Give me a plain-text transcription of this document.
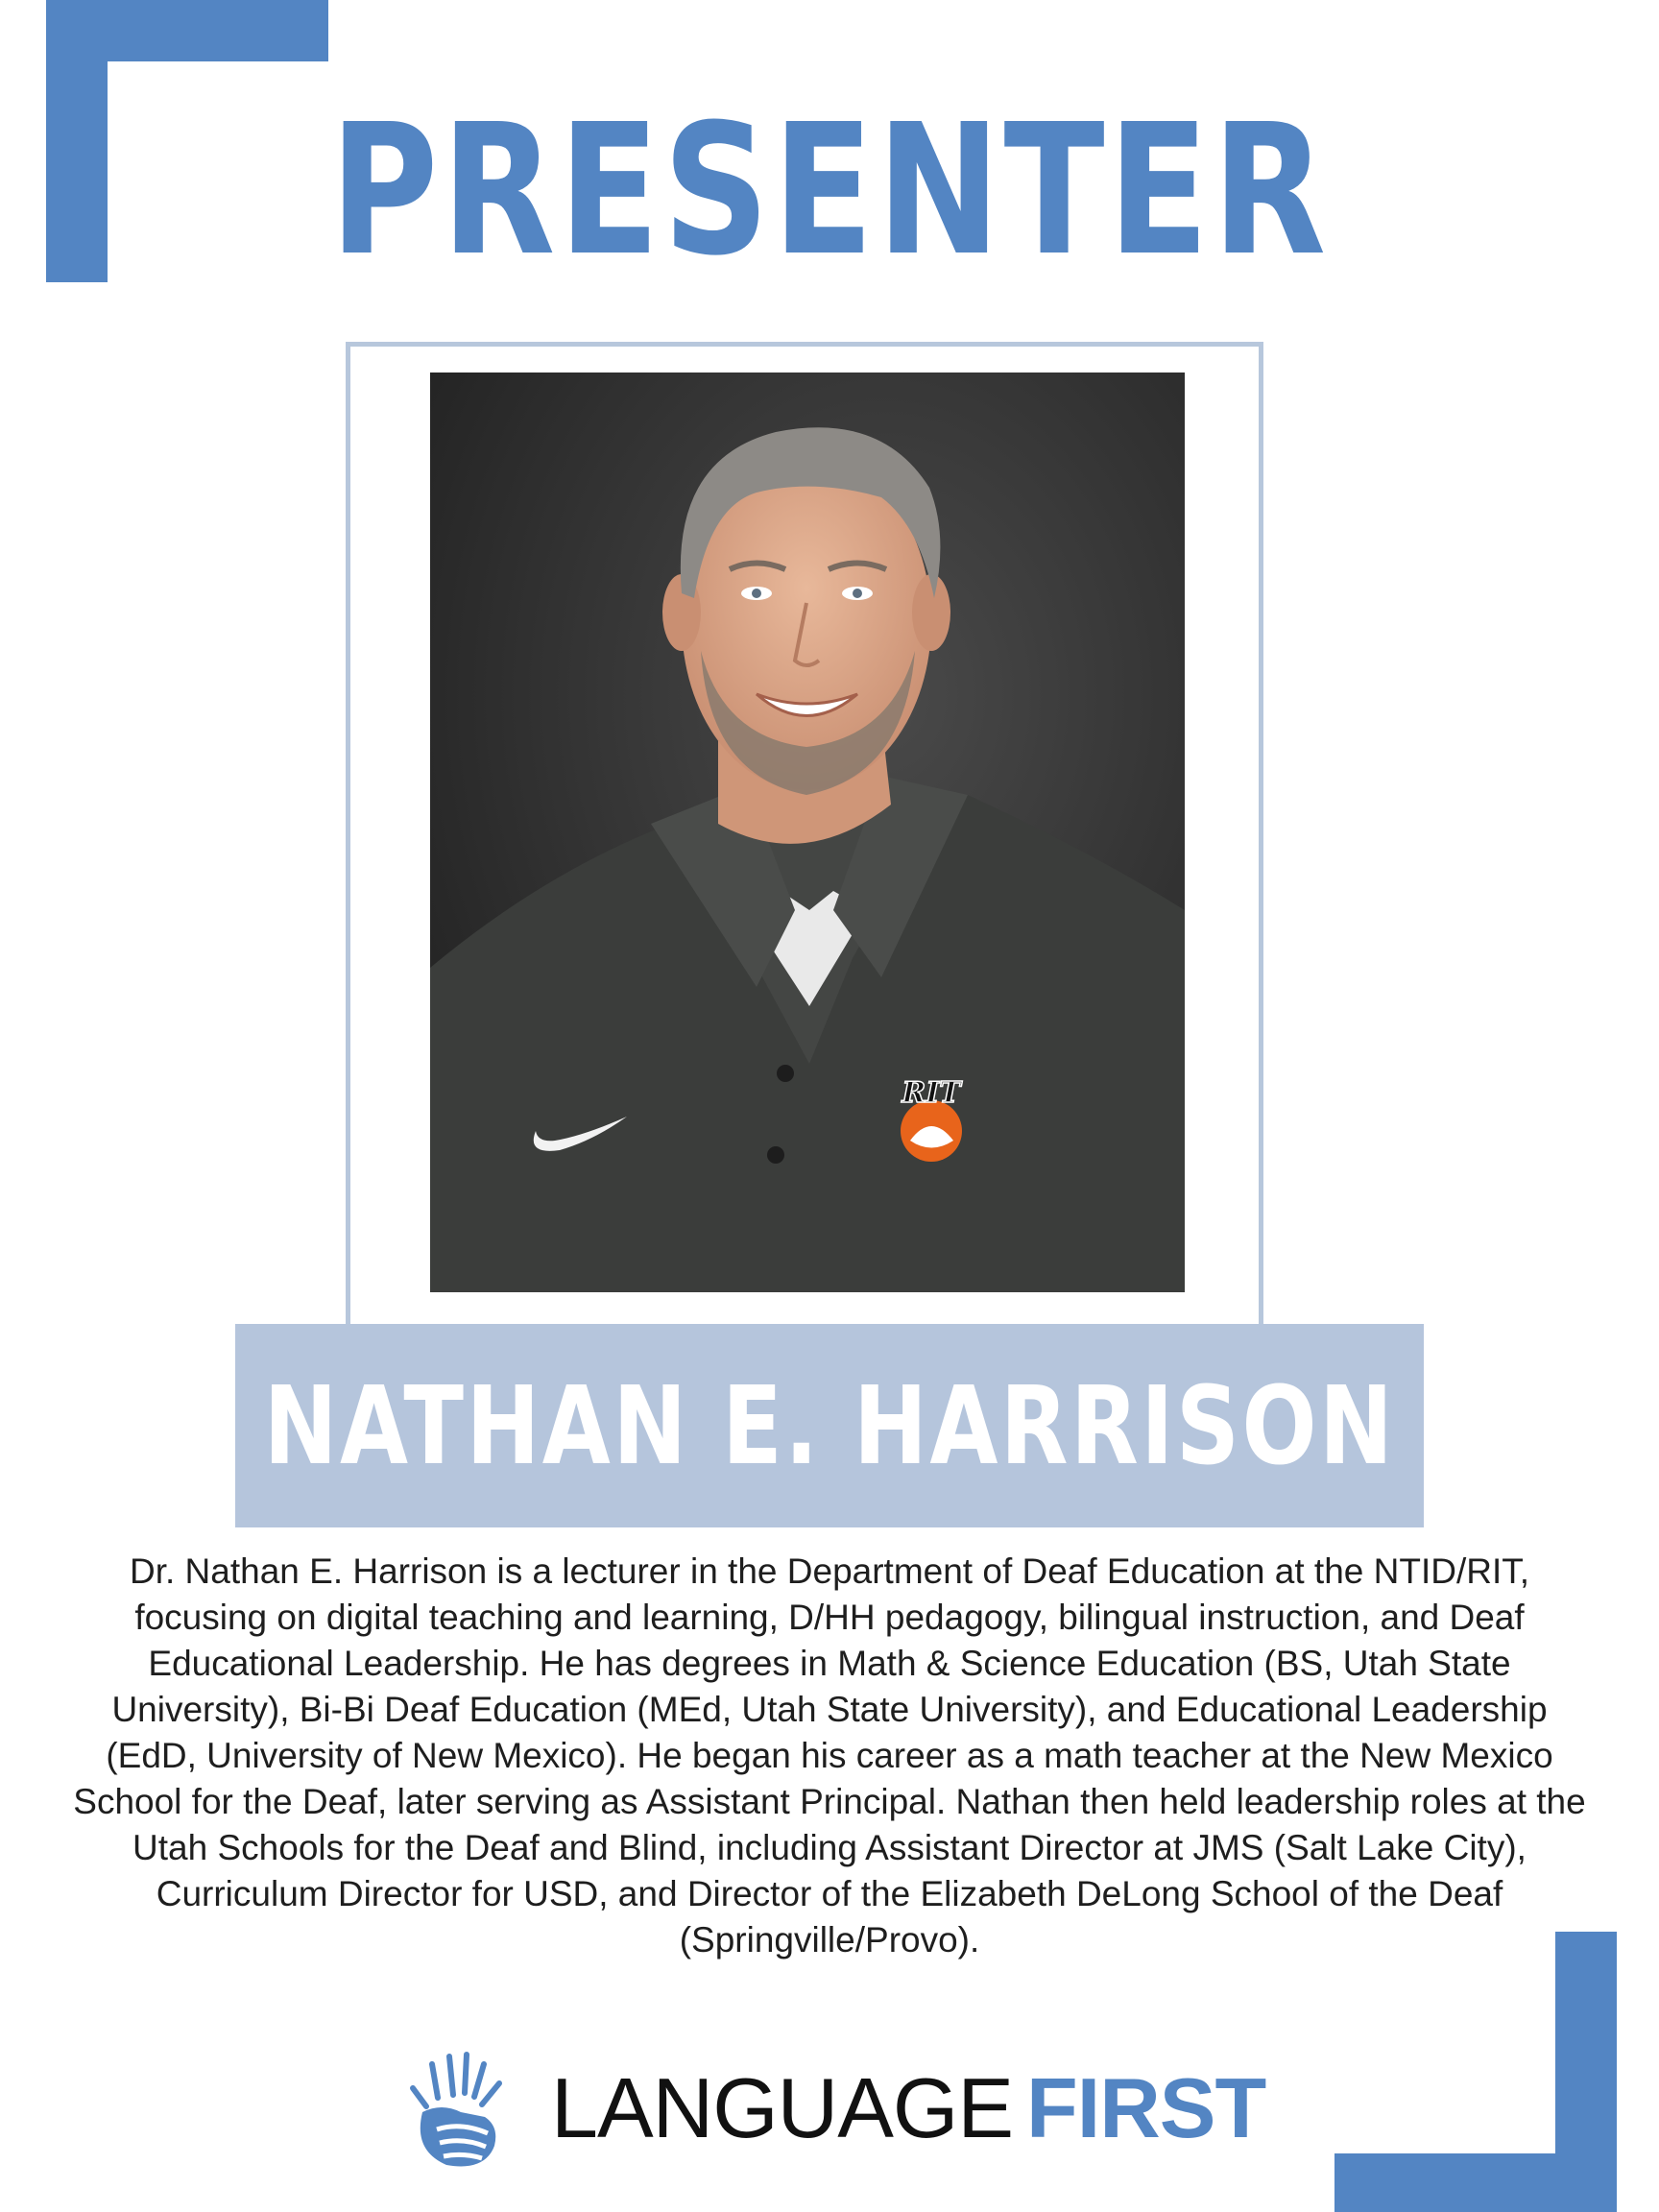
PRESENTER
RIT
NATHAN E. HARRISON

Dr. Nathan E. Harrison is a lecturer in the Department of Deaf Education at the NTID/RIT, focusing on digital teaching and learning, D/HH pedagogy, bilingual instruction, and Deaf Educational Leadership. He has degrees in Math & Science Education (BS, Utah State University), Bi-Bi Deaf Education (MEd, Utah State University), and Educational Leadership (EdD, University of New Mexico). He began his career as a math teacher at the New Mexico School for the Deaf, later serving as Assistant Principal. Nathan then held leadership roles at the Utah Schools for the Deaf and Blind, including Assistant Director at JMS (Salt Lake City), Curriculum Director for USD, and Director of the Elizabeth DeLong School of the Deaf (Springville/Provo).

LANGUAGE FIRST
